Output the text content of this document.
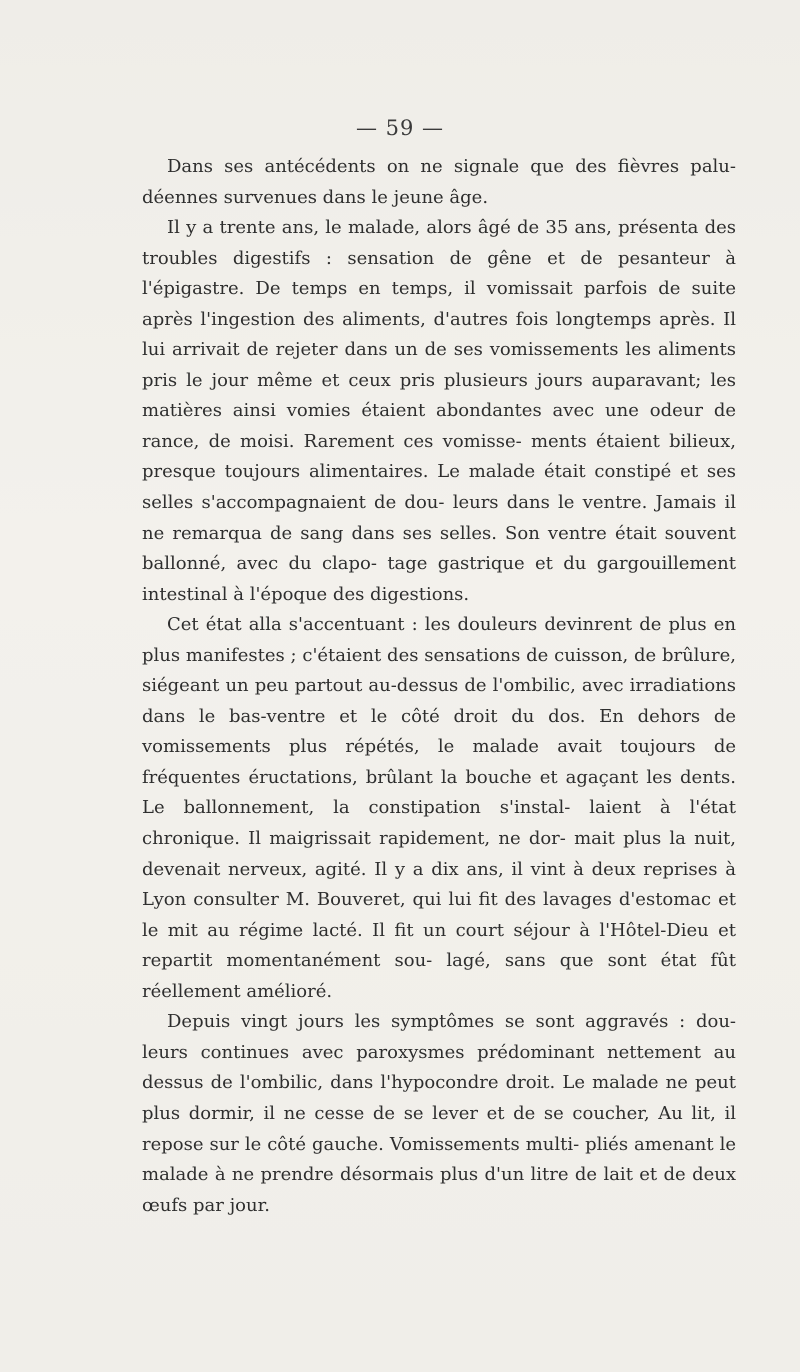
— 59 —

Dans ses antécédents on ne signale que des fièvres palu- déennes survenues dans le jeune âge.

Il y a trente ans, le malade, alors âgé de 35 ans, présenta des troubles digestifs : sensation de gêne et de pesanteur à l'épigastre. De temps en temps, il vomissait parfois de suite après l'ingestion des aliments, d'autres fois longtemps après. Il lui arrivait de rejeter dans un de ses vomissements les aliments pris le jour même et ceux pris plusieurs jours auparavant; les matières ainsi vomies étaient abondantes avec une odeur de rance, de moisi. Rarement ces vomisse- ments étaient bilieux, presque toujours alimentaires. Le malade était constipé et ses selles s'accompagnaient de dou- leurs dans le ventre. Jamais il ne remarqua de sang dans ses selles. Son ventre était souvent ballonné, avec du clapo- tage gastrique et du gargouillement intestinal à l'époque des digestions.

Cet état alla s'accentuant : les douleurs devinrent de plus en plus manifestes ; c'étaient des sensations de cuisson, de brûlure, siégeant un peu partout au-dessus de l'ombilic, avec irradiations dans le bas-ventre et le côté droit du dos. En dehors de vomissements plus répétés, le malade avait toujours de fréquentes éructations, brûlant la bouche et agaçant les dents. Le ballonnement, la constipation s'instal- laient à l'état chronique. Il maigrissait rapidement, ne dor- mait plus la nuit, devenait nerveux, agité. Il y a dix ans, il vint à deux reprises à Lyon consulter M. Bouveret, qui lui fit des lavages d'estomac et le mit au régime lacté. Il fit un court séjour à l'Hôtel-Dieu et repartit momentanément sou- lagé, sans que sont état fût réellement amélioré.

Depuis vingt jours les symptômes se sont aggravés : dou- leurs continues avec paroxysmes prédominant nettement au dessus de l'ombilic, dans l'hypocondre droit. Le malade ne peut plus dormir, il ne cesse de se lever et de se coucher, Au lit, il repose sur le côté gauche. Vomissements multi- pliés amenant le malade à ne prendre désormais plus d'un litre de lait et de deux œufs par jour.
